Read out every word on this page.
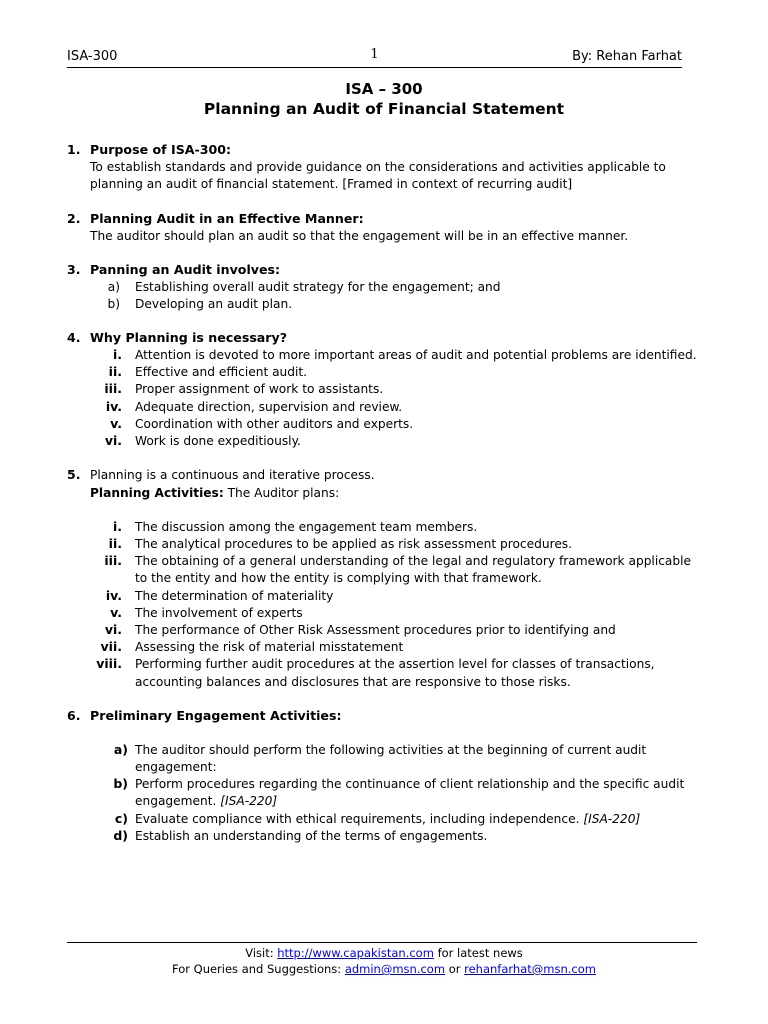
ISA-300	1	By: Rehan Farhat
ISA – 300
Planning an Audit of Financial Statement
1. Purpose of ISA-300:
To establish standards and provide guidance on the considerations and activities applicable to
planning an audit of financial statement. [Framed in context of recurring audit]
2. Planning Audit in an Effective Manner:
The auditor should plan an audit so that the engagement will be in an effective manner.
3. Panning an Audit involves:
a) Establishing overall audit strategy for the engagement; and
b) Developing an audit plan.
4. Why Planning is necessary?
i. Attention is devoted to more important areas of audit and potential problems are identified.
ii. Effective and efficient audit.
iii. Proper assignment of work to assistants.
iv. Adequate direction, supervision and review.
v. Coordination with other auditors and experts.
vi. Work is done expeditiously.
5. Planning is a continuous and iterative process.
Planning Activities: The Auditor plans:
i. The discussion among the engagement team members.
ii. The analytical procedures to be applied as risk assessment procedures.
iii. The obtaining of a general understanding of the legal and regulatory framework applicable
to the entity and how the entity is complying with that framework.
iv. The determination of materiality
v. The involvement of experts
vi. The performance of Other Risk Assessment procedures prior to identifying and
vii. Assessing the risk of material misstatement
viii. Performing further audit procedures at the assertion level for classes of transactions,
accounting balances and disclosures that are responsive to those risks.
6. Preliminary Engagement Activities:
a) The auditor should perform the following activities at the beginning of current audit
engagement:
b) Perform procedures regarding the continuance of client relationship and the specific audit
engagement. [ISA-220]
c) Evaluate compliance with ethical requirements, including independence. [ISA-220]
d) Establish an understanding of the terms of engagements.
Visit: http://www.capakistan.com for latest news
For Queries and Suggestions: admin@msn.com or rehanfarhat@msn.com
